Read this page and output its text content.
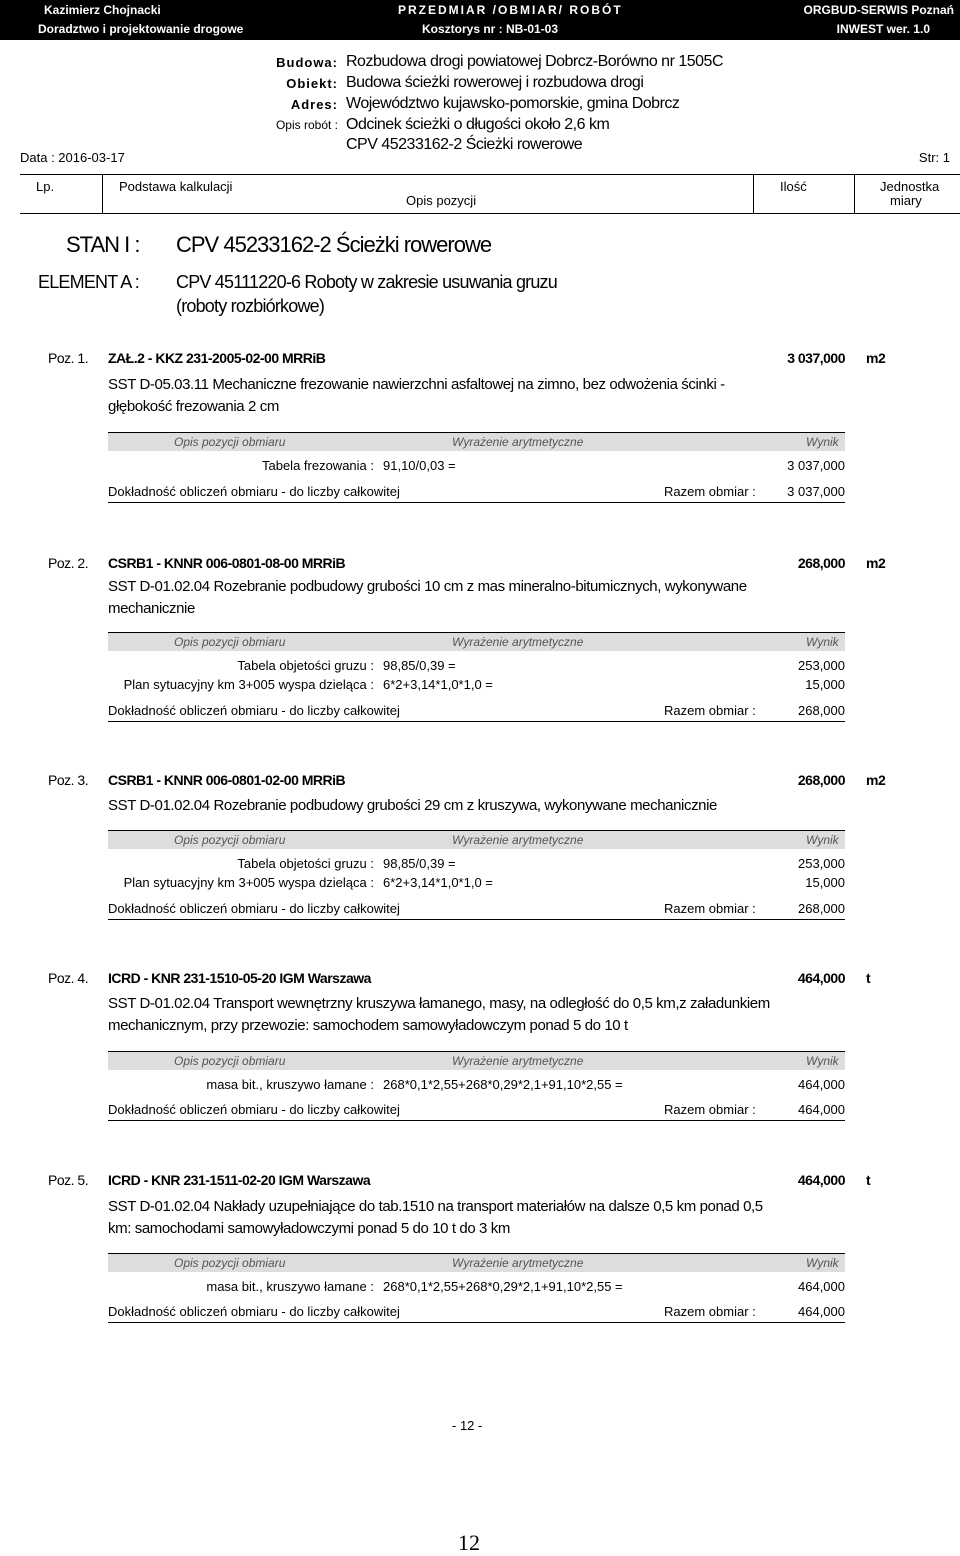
Kazimierz Chojnacki
Doradztwo i projektowanie drogowe
PRZEDMIAR /OBMIAR/ ROBÓT
Kosztorys nr : NB-01-03
ORGBUD-SERWIS Poznań
INWEST wer. 1.0
Budowa: Rozbudowa drogi powiatowej Dobrcz-Borówno nr 1505C
Obiekt: Budowa ścieżki rowerowej i rozbudowa drogi
Adres: Województwo kujawsko-pomorskie, gmina Dobrcz
Opis robót : Odcinek ścieżki o długości około 2,6 km
CPV 45233162-2 Ścieżki rowerowe
Data : 2016-03-17	Str: 1
Lp.	Podstawa kalkulacji
Opis pozycji
Ilość	Jednostka
miary
STAN I : CPV 45233162-2 Ścieżki rowerowe
ELEMENT A : CPV 45111220-6 Roboty w zakresie usuwania gruzu
(roboty rozbiórkowe)
Poz. 1. ZAŁ.2 - KKZ 231-2005-02-00 MRRiB	3 037,000 m2
SST D-05.03.11 Mechaniczne frezowanie nawierzchni asfaltowej na zimno, bez odwożenia ścinki - głębokość frezowania 2 cm
Opis pozycji obmiaru	Wyrażenie arytmetyczne	Wynik
Tabela frezowania : 91,10/0,03 =	3 037,000
Dokładność obliczeń obmiaru - do liczby całkowitej	Razem obmiar : 3 037,000
Poz. 2. CSRB1 - KNNR 006-0801-08-00 MRRiB	268,000 m2
SST D-01.02.04 Rozebranie podbudowy grubości 10 cm z mas mineralno-bitumicznych, wykonywane mechanicznie
Opis pozycji obmiaru	Wyrażenie arytmetyczne	Wynik
Tabela objetości gruzu : 98,85/0,39 =	253,000
Plan sytuacyjny km 3+005 wyspa dzieląca : 6*2+3,14*1,0*1,0 =	15,000
Dokładność obliczeń obmiaru - do liczby całkowitej	Razem obmiar :	268,000
Poz. 3. CSRB1 - KNNR 006-0801-02-00 MRRiB	268,000 m2
SST D-01.02.04 Rozebranie podbudowy grubości 29 cm z kruszywa, wykonywane mechanicznie
Opis pozycji obmiaru	Wyrażenie arytmetyczne	Wynik
Tabela objetości gruzu : 98,85/0,39 =	253,000
Plan sytuacyjny km 3+005 wyspa dzieląca : 6*2+3,14*1,0*1,0 =	15,000
Dokładność obliczeń obmiaru - do liczby całkowitej	Razem obmiar :	268,000
Poz. 4. ICRD - KNR 231-1510-05-20 IGM Warszawa	464,000 t
SST D-01.02.04 Transport wewnętrzny kruszywa łamanego, masy, na odległość do 0,5 km,z załadunkiem mechanicznym, przy przewozie: samochodem samowyładowczym ponad 5 do 10 t
Opis pozycji obmiaru	Wyrażenie arytmetyczne	Wynik
masa bit., kruszywo łamane : 268*0,1*2,55+268*0,29*2,1+91,10*2,55 =	464,000
Dokładność obliczeń obmiaru - do liczby całkowitej	Razem obmiar :	464,000
Poz. 5. ICRD - KNR 231-1511-02-20 IGM Warszawa	464,000 t
SST D-01.02.04 Nakłady uzupełniające do tab.1510 na transport materiałów na dalsze 0,5 km ponad 0,5 km: samochodami samowyładowczymi ponad 5 do 10 t do 3 km
Opis pozycji obmiaru	Wyrażenie arytmetyczne	Wynik
masa bit., kruszywo łamane : 268*0,1*2,55+268*0,29*2,1+91,10*2,55 =	464,000
Dokładność obliczeń obmiaru - do liczby całkowitej	Razem obmiar :	464,000
- 12 -
12
